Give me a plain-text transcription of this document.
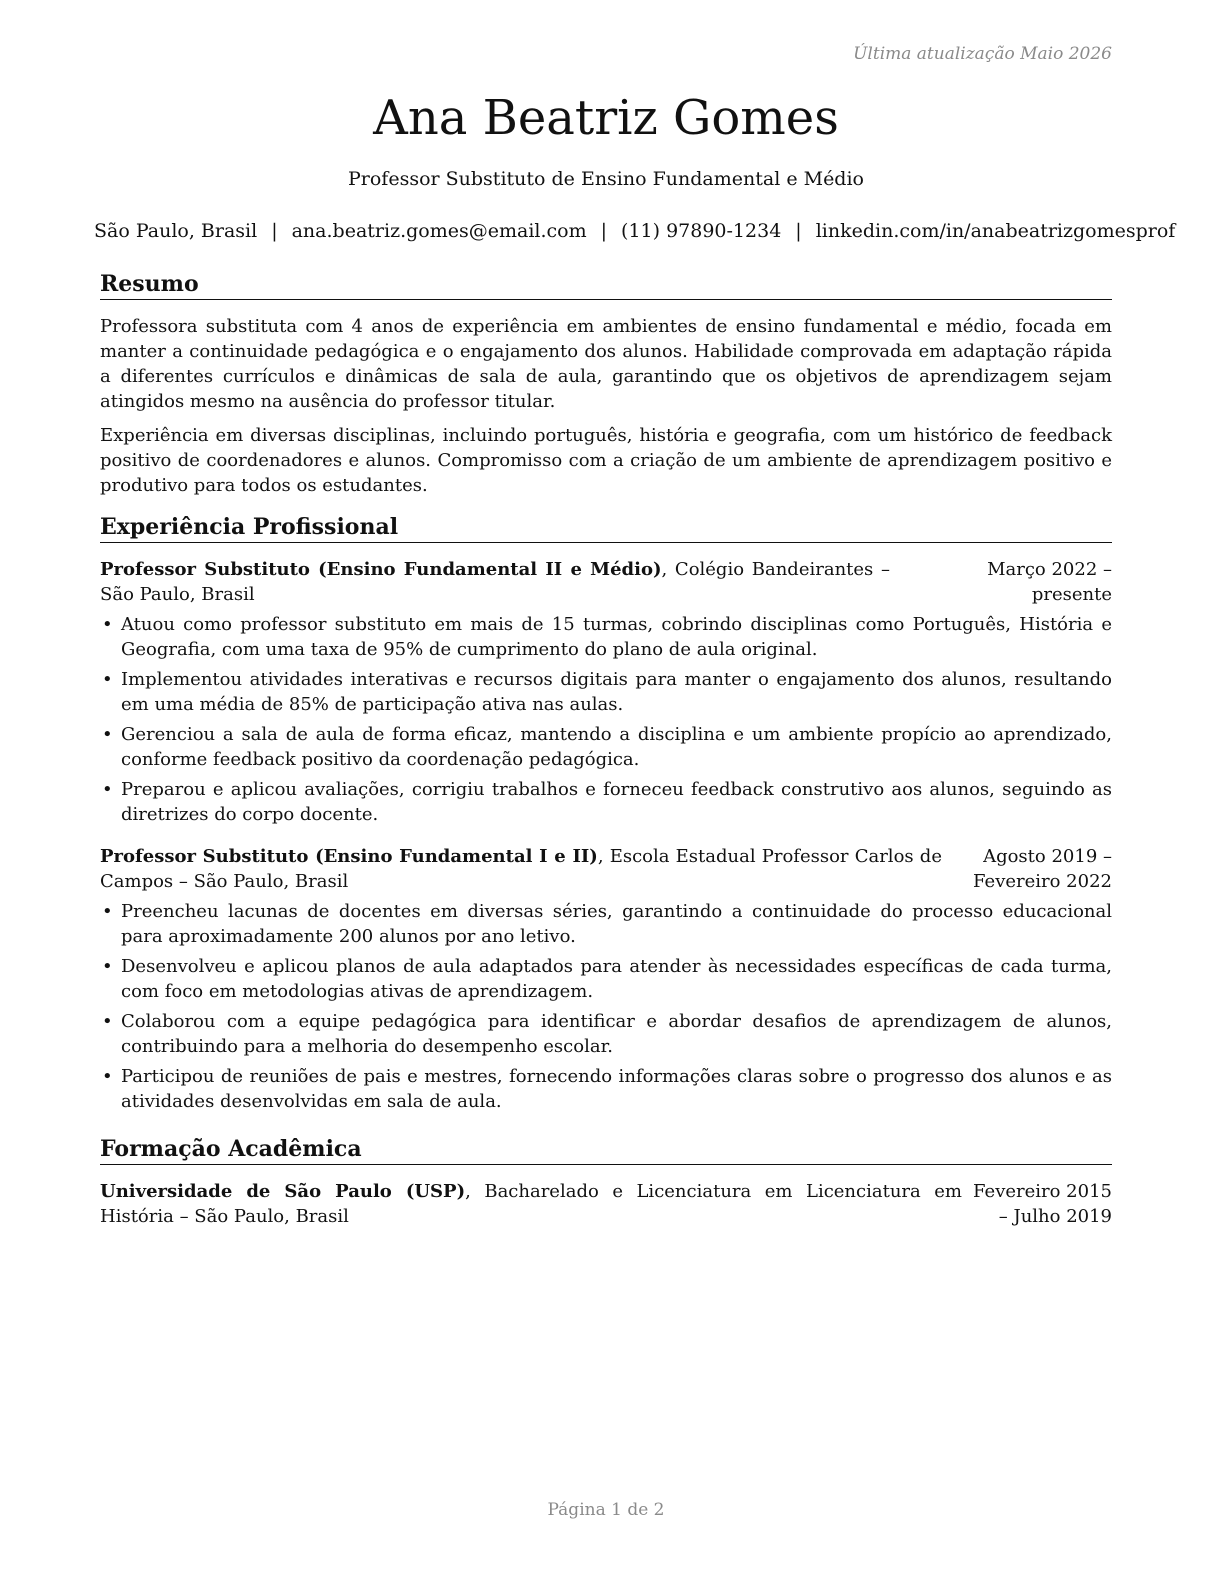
Última atualização Maio 2026
Ana Beatriz Gomes
Professor Substituto de Ensino Fundamental e Médio
São Paulo, Brasil | ana.beatriz.gomes@email.com | (11) 97890-1234 | linkedin.com/in/anabeatrizgomesprof
Resumo

Professora substituta com 4 anos de experiência em ambientes de ensino fundamental e médio, focada em manter a continuidade pedagógica e o engajamento dos alunos. Habilidade comprovada em adaptação rápida a diferentes currículos e dinâmicas de sala de aula, garantindo que os objetivos de aprendizagem sejam atingidos mesmo na ausência do professor titular.

Experiência em diversas disciplinas, incluindo português, história e geografia, com um histórico de feedback positivo de coordenadores e alunos. Compromisso com a criação de um ambiente de aprendizagem positivo e produtivo para todos os estudantes.

Experiência Profissional
Professor Substituto (Ensino Fundamental II e Médio), Colégio Bandeirantes – São Paulo, Brasil
Março 2022 – presente
• Atuou como professor substituto em mais de 15 turmas, cobrindo disciplinas como Português, História e Geografia, com uma taxa de 95% de cumprimento do plano de aula original.
• Implementou atividades interativas e recursos digitais para manter o engajamento dos alunos, resultando em uma média de 85% de participação ativa nas aulas.
• Gerenciou a sala de aula de forma eficaz, mantendo a disciplina e um ambiente propício ao aprendizado, conforme feedback positivo da coordenação pedagógica.
• Preparou e aplicou avaliações, corrigiu trabalhos e forneceu feedback construtivo aos alunos, seguindo as diretrizes do corpo docente.
Professor Substituto (Ensino Fundamental I e II), Escola Estadual Professor Carlos de Campos – São Paulo, Brasil
Agosto 2019 – Fevereiro 2022
• Preencheu lacunas de docentes em diversas séries, garantindo a continuidade do processo educacional para aproximadamente 200 alunos por ano letivo.
• Desenvolveu e aplicou planos de aula adaptados para atender às necessidades específicas de cada turma, com foco em metodologias ativas de aprendizagem.
• Colaborou com a equipe pedagógica para identificar e abordar desafios de aprendizagem de alunos, contribuindo para a melhoria do desempenho escolar.
• Participou de reuniões de pais e mestres, fornecendo informações claras sobre o progresso dos alunos e as atividades desenvolvidas em sala de aula.
Formação Acadêmica
Universidade de São Paulo (USP), Bacharelado e Licenciatura em Licenciatura em História – São Paulo, Brasil
Fevereiro 2015 – Julho 2019
Página 1 de 2
